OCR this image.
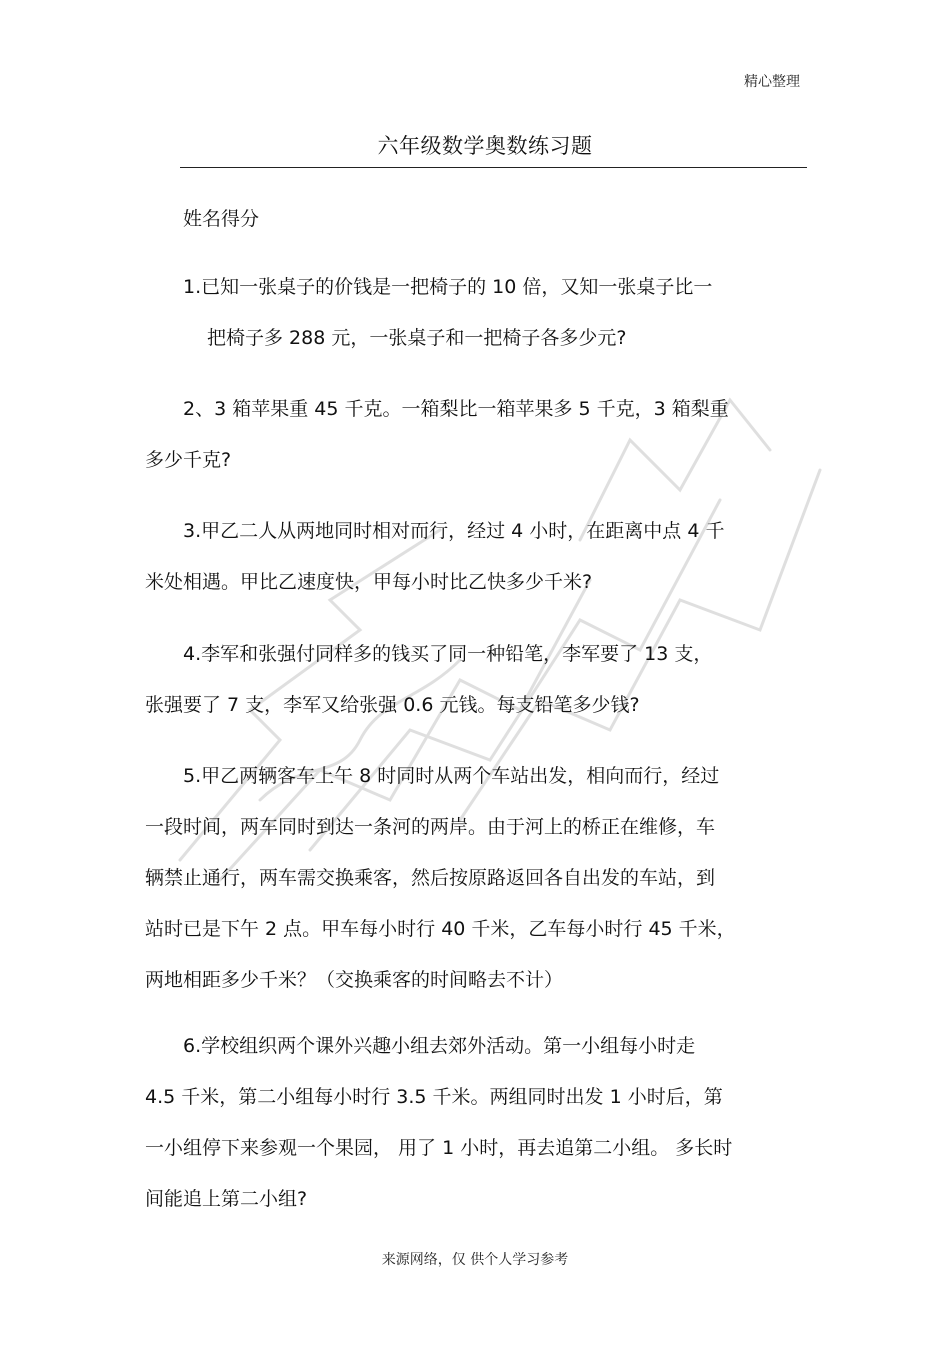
精心整理
六年级数学奥数练习题
姓名得分
1.已知一张桌子的价钱是一把椅子的 10 倍，又知一张桌子比一
把椅子多 288 元，一张桌子和一把椅子各多少元?
2、3 箱苹果重 45 千克。一箱梨比一箱苹果多 5 千克，3 箱梨重
多少千克?
3.甲乙二人从两地同时相对而行，经过 4 小时，在距离中点 4 千
米处相遇。甲比乙速度快，甲每小时比乙快多少千米?
4.李军和张强付同样多的钱买了同一种铅笔，李军要了 13 支，
张强要了 7 支，李军又给张强 0.6 元钱。每支铅笔多少钱?
5.甲乙两辆客车上午 8 时同时从两个车站出发，相向而行，经过
一段时间，两车同时到达一条河的两岸。由于河上的桥正在维修，车
辆禁止通行，两车需交换乘客，然后按原路返回各自出发的车站，到
站时已是下午 2 点。甲车每小时行 40 千米，乙车每小时行 45 千米，
两地相距多少千米？（交换乘客的时间略去不计）
6.学校组织两个课外兴趣小组去郊外活动。第一小组每小时走
4.5 千米，第二小组每小时行 3.5 千米。两组同时出发 1 小时后，第
一小组停下来参观一个果园， 用了 1 小时，再去追第二小组。 多长时
间能追上第二小组?
来源网络，仅 供个人学习参考
